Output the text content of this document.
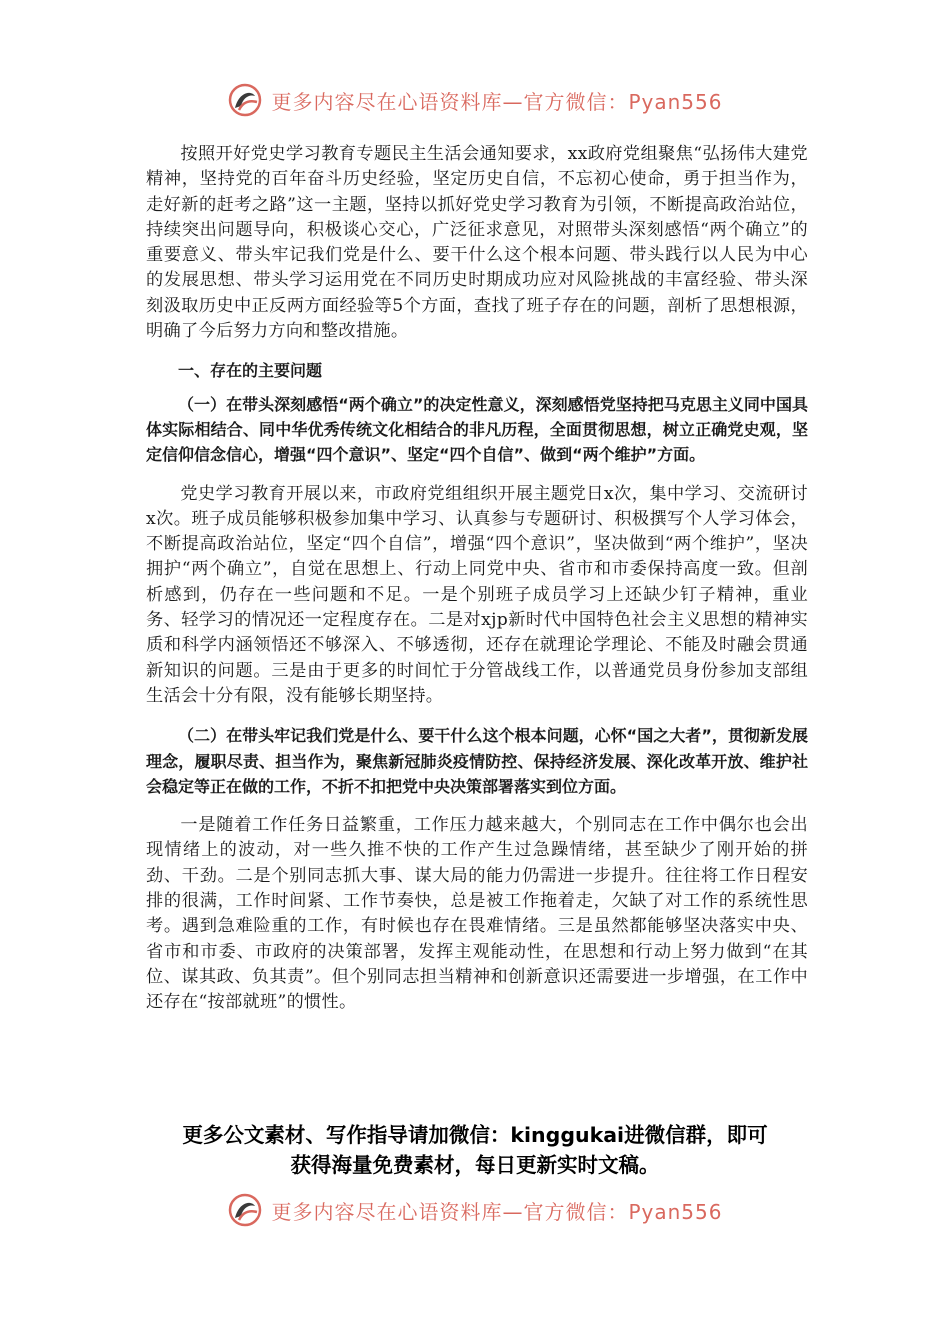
更多内容尽在心语资料库—官方微信：Pyan556

按照开好党史学习教育专题民主生活会通知要求，xx政府党组聚焦“弘扬伟大建党精神，坚持党的百年奋斗历史经验，坚定历史自信，不忘初心使命，勇于担当作为，走好新的赶考之路”这一主题，坚持以抓好党史学习教育为引领，不断提高政治站位，持续突出问题导向，积极谈心交心，广泛征求意见，对照带头深刻感悟“两个确立”的重要意义、带头牢记我们党是什么、要干什么这个根本问题、带头践行以人民为中心的发展思想、带头学习运用党在不同历史时期成功应对风险挑战的丰富经验、带头深刻汲取历史中正反两方面经验等5个方面，查找了班子存在的问题，剖析了思想根源，明确了今后努力方向和整改措施。

一、存在的主要问题

（一）在带头深刻感悟“两个确立”的决定性意义，深刻感悟党坚持把马克思主义同中国具体实际相结合、同中华优秀传统文化相结合的非凡历程，全面贯彻思想，树立正确党史观，坚定信仰信念信心，增强“四个意识”、坚定“四个自信”、做到“两个维护”方面。

党史学习教育开展以来，市政府党组组织开展主题党日x次，集中学习、交流研讨x次。班子成员能够积极参加集中学习、认真参与专题研讨、积极撰写个人学习体会，不断提高政治站位，坚定“四个自信”，增强“四个意识”，坚决做到“两个维护”，坚决拥护“两个确立”，自觉在思想上、行动上同党中央、省市和市委保持高度一致。但剖析感到，仍存在一些问题和不足。一是个别班子成员学习上还缺少钉子精神，重业务、轻学习的情况还一定程度存在。二是对xjp新时代中国特色社会主义思想的精神实质和科学内涵领悟还不够深入、不够透彻，还存在就理论学理论、不能及时融会贯通新知识的问题。三是由于更多的时间忙于分管战线工作，以普通党员身份参加支部组生活会十分有限，没有能够长期坚持。

（二）在带头牢记我们党是什么、要干什么这个根本问题，心怀“国之大者”，贯彻新发展理念，履职尽责、担当作为，聚焦新冠肺炎疫情防控、保持经济发展、深化改革开放、维护社会稳定等正在做的工作，不折不扣把党中央决策部署落实到位方面。

一是随着工作任务日益繁重，工作压力越来越大，个别同志在工作中偶尔也会出现情绪上的波动，对一些久推不快的工作产生过急躁情绪，甚至缺少了刚开始的拼劲、干劲。二是个别同志抓大事、谋大局的能力仍需进一步提升。往往将工作日程安排的很满，工作时间紧、工作节奏快，总是被工作拖着走，欠缺了对工作的系统性思考。遇到急难险重的工作，有时候也存在畏难情绪。三是虽然都能够坚决落实中央、省市和市委、市政府的决策部署，发挥主观能动性，在思想和行动上努力做到“在其位、谋其政、负其责”。但个别同志担当精神和创新意识还需要进一步增强，在工作中还存在“按部就班”的惯性。

更多公文素材、写作指导请加微信：kinggukai进微信群，即可
获得海量免费素材，每日更新实时文稿。
更多内容尽在心语资料库—官方微信：Pyan556
